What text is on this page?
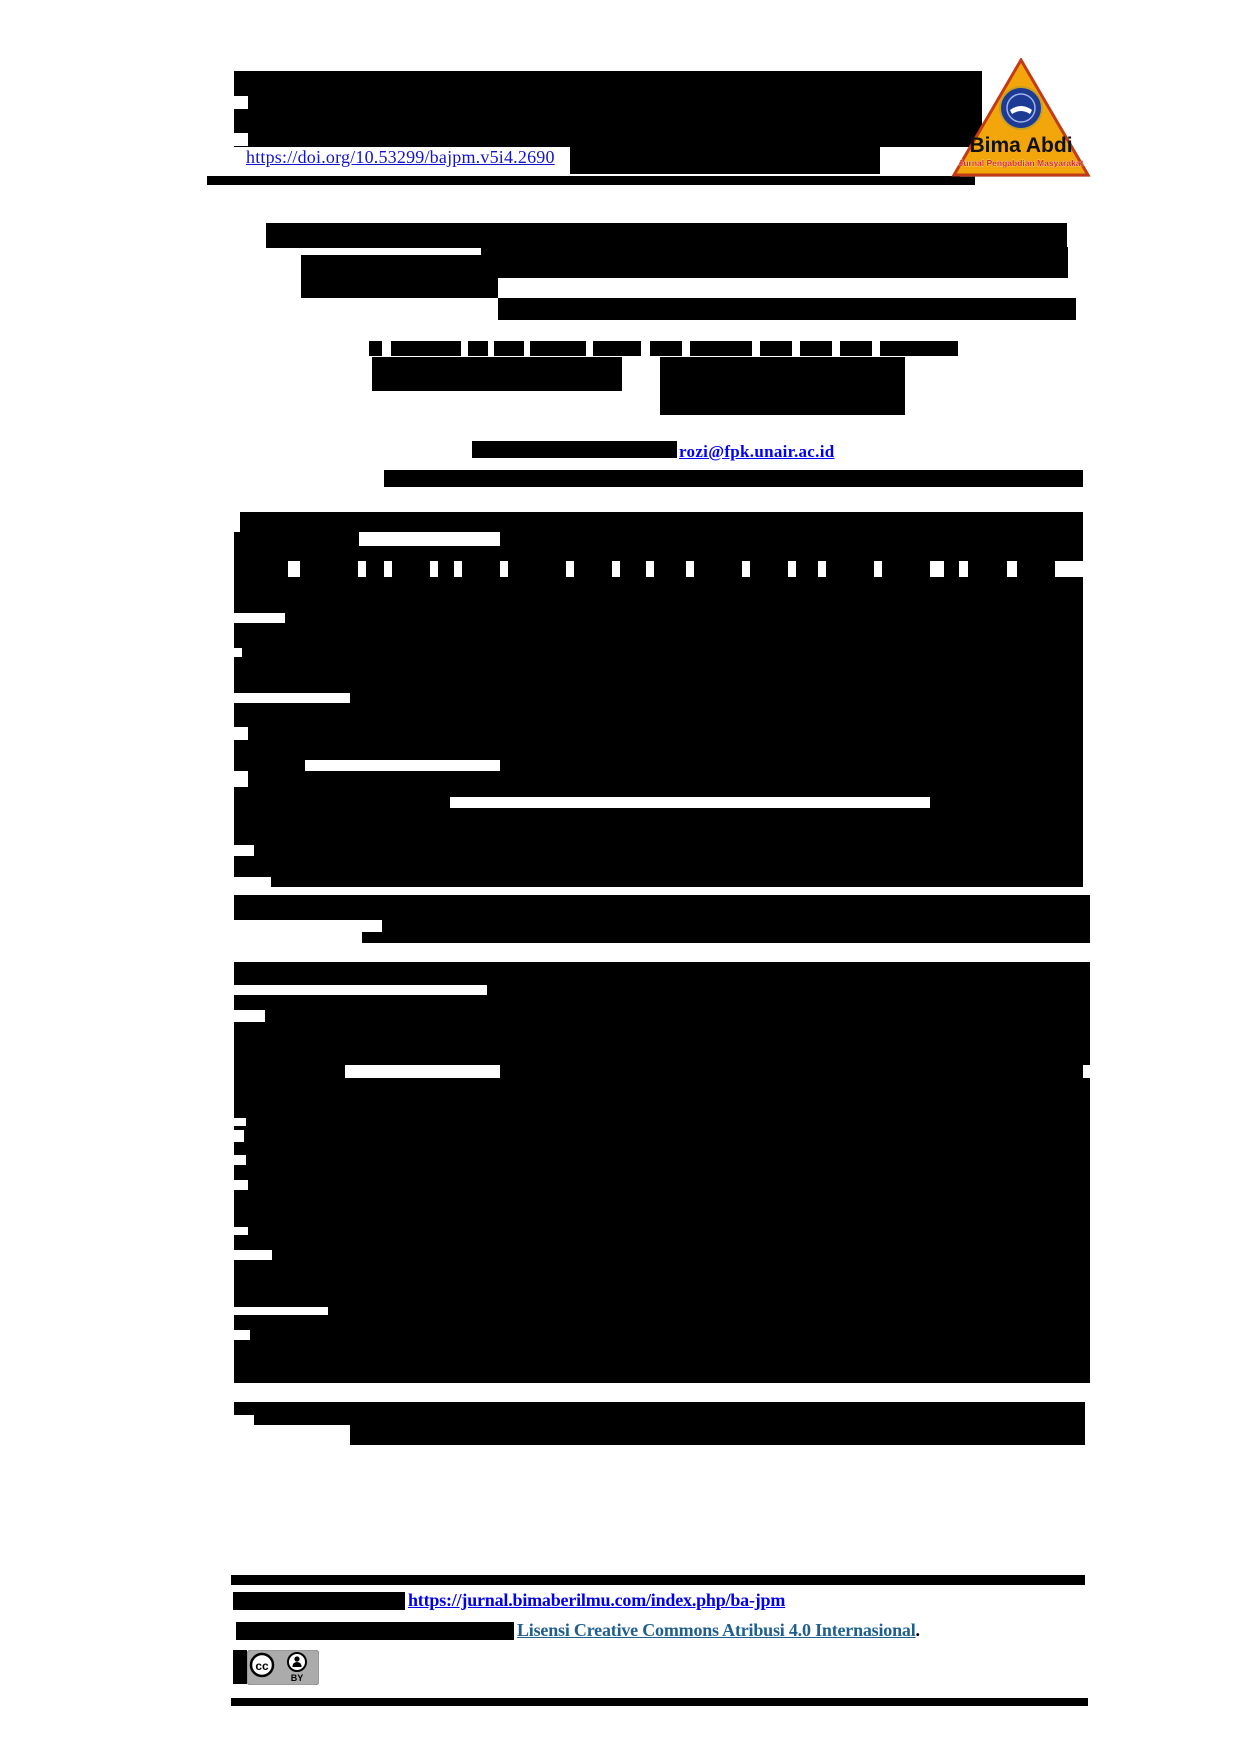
https://doi.org/10.53299/bajpm.v5i4.2690	Bima Abdi
Jurnal Pengabdian Masyarakat
rozi@fpk.unair.ac.id
https://jurnal.bimaberilmu.com/index.php/ba-jpm
Lisensi Creative Commons Atribusi 4.0 Internasional.
cc
BY
